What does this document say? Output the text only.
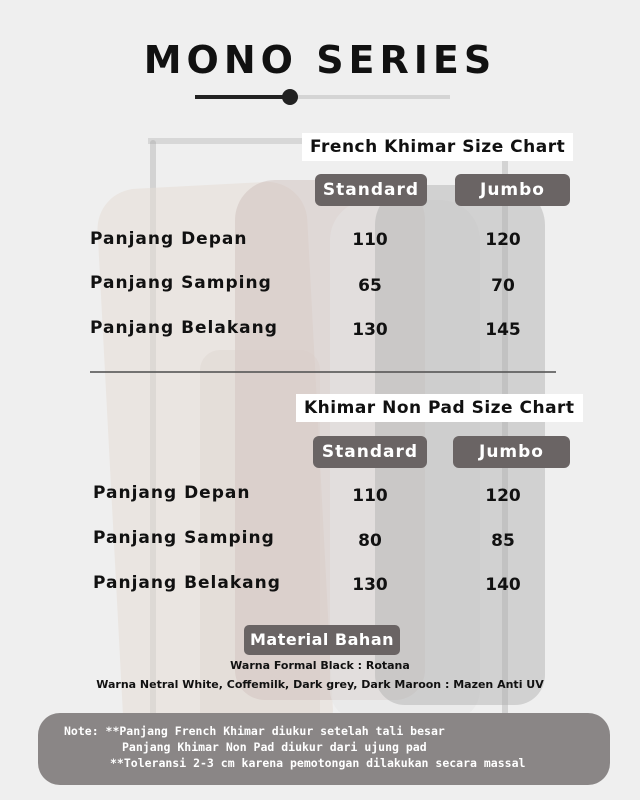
MONO SERIES
French Khimar Size Chart
Standard	Jumbo
Panjang Depan	110	120
Panjang Samping	65	70
Panjang Belakang	130	145
Khimar Non Pad Size Chart
Standard	Jumbo
Panjang Depan	110	120
Panjang Samping	80	85
Panjang Belakang	130	140
Material Bahan
Warna Formal Black : Rotana
Warna Netral White, Coffemilk, Dark grey, Dark Maroon : Mazen Anti UV
Note: **Panjang French Khimar diukur setelah tali besar
Panjang Khimar Non Pad diukur dari ujung pad
**Toleransi 2-3 cm karena pemotongan dilakukan secara massal
